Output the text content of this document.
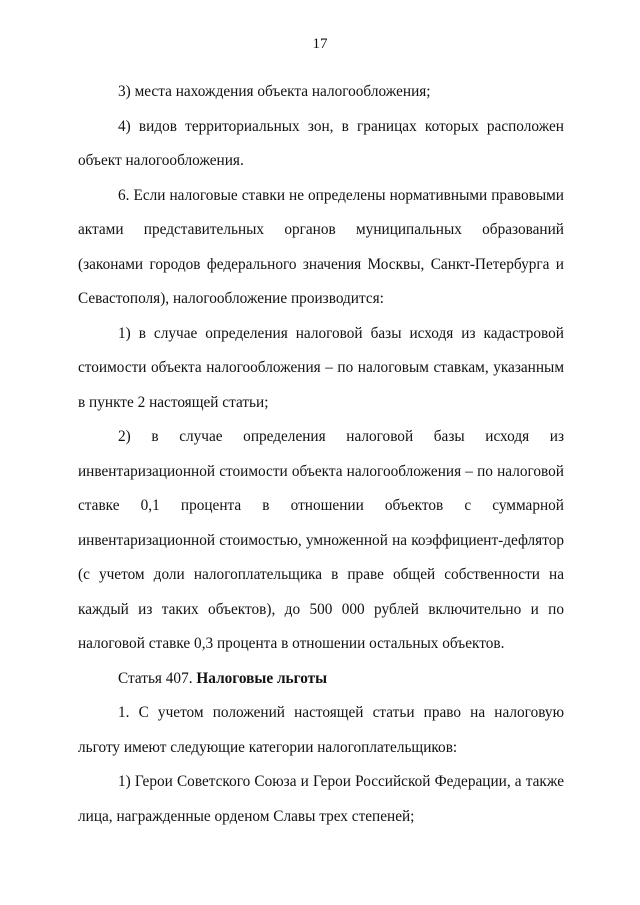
17

3) места нахождения объекта налогообложения;

4) видов территориальных зон, в границах которых расположен объект налогообложения.

6. Если налоговые ставки не определены нормативными правовыми актами представительных органов муниципальных образований (законами городов федерального значения Москвы, Санкт-Петербурга и Севастополя), налогообложение производится:

1) в случае определения налоговой базы исходя из кадастровой стоимости объекта налогообложения – по налоговым ставкам, указанным в пункте 2 настоящей статьи;

2) в случае определения налоговой базы исходя из инвентаризационной стоимости объекта налогообложения – по налоговой ставке 0,1 процента в отношении объектов с суммарной инвентаризационной стоимостью, умноженной на коэффициент-дефлятор (с учетом доли налогоплательщика в праве общей собственности на каждый из таких объектов), до 500 000 рублей включительно и по налоговой ставке 0,3 процента в отношении остальных объектов.

Статья 407. Налоговые льготы

1. С учетом положений настоящей статьи право на налоговую льготу имеют следующие категории налогоплательщиков:

1) Герои Советского Союза и Герои Российской Федерации, а также лица, награжденные орденом Славы трех степеней;
